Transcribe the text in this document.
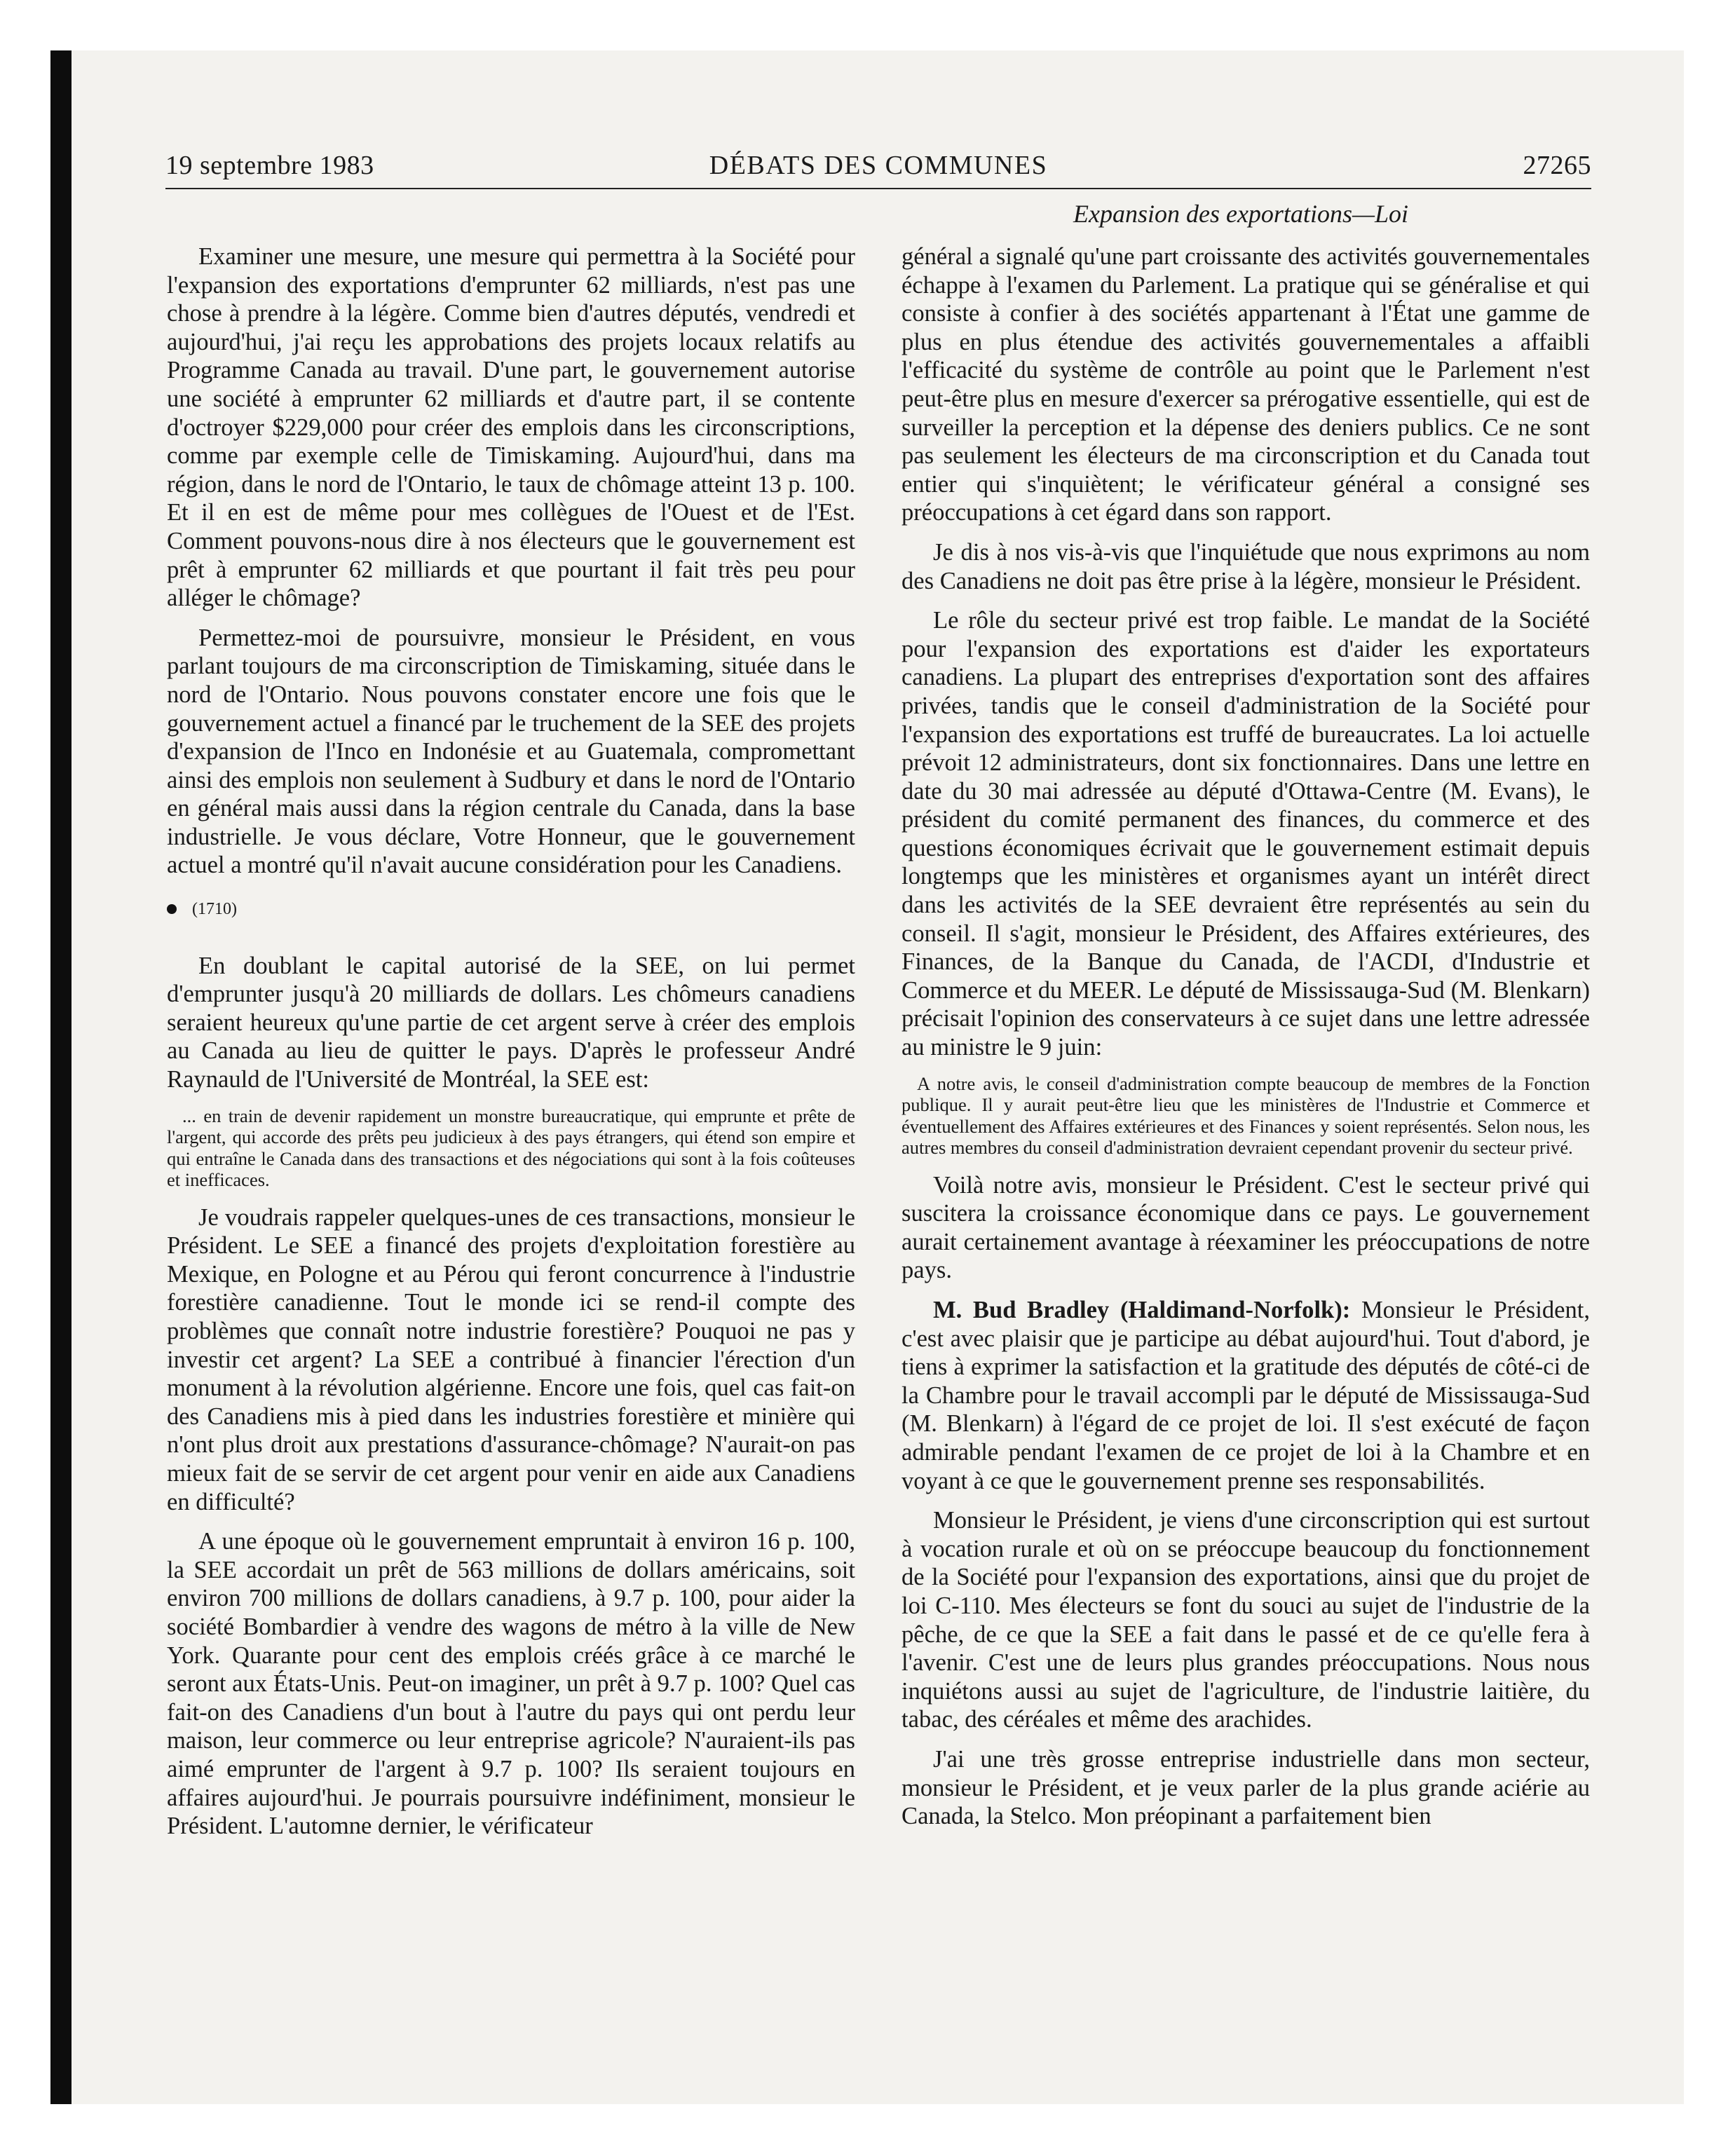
19 septembre 1983	DÉBATS DES COMMUNES	27265
Expansion des exportations—Loi

Examiner une mesure, une mesure qui permettra à la Société pour l'expansion des exportations d'emprunter 62 milliards, n'est pas une chose à prendre à la légère. Comme bien d'autres députés, vendredi et aujourd'hui, j'ai reçu les approbations des projets locaux relatifs au Programme Canada au travail. D'une part, le gouvernement autorise une société à emprunter 62 milliards et d'autre part, il se contente d'octroyer $229,000 pour créer des emplois dans les circonscriptions, comme par exemple celle de Timiskaming. Aujourd'hui, dans ma région, dans le nord de l'Ontario, le taux de chômage atteint 13 p. 100. Et il en est de même pour mes collègues de l'Ouest et de l'Est. Comment pouvons-nous dire à nos électeurs que le gouvernement est prêt à emprunter 62 milliards et que pourtant il fait très peu pour alléger le chômage?

Permettez-moi de poursuivre, monsieur le Président, en vous parlant toujours de ma circonscription de Timiskaming, située dans le nord de l'Ontario. Nous pouvons constater encore une fois que le gouvernement actuel a financé par le truchement de la SEE des projets d'expansion de l'Inco en Indonésie et au Guatemala, compromettant ainsi des emplois non seulement à Sudbury et dans le nord de l'Ontario en général mais aussi dans la région centrale du Canada, dans la base industrielle. Je vous déclare, Votre Honneur, que le gouvernement actuel a montré qu'il n'avait aucune considération pour les Canadiens.

(1710)

En doublant le capital autorisé de la SEE, on lui permet d'emprunter jusqu'à 20 milliards de dollars. Les chômeurs canadiens seraient heureux qu'une partie de cet argent serve à créer des emplois au Canada au lieu de quitter le pays. D'après le professeur André Raynauld de l'Université de Montréal, la SEE est:

... en train de devenir rapidement un monstre bureaucratique, qui emprunte et prête de l'argent, qui accorde des prêts peu judicieux à des pays étrangers, qui étend son empire et qui entraîne le Canada dans des transactions et des négociations qui sont à la fois coûteuses et inefficaces.

Je voudrais rappeler quelques-unes de ces transactions, monsieur le Président. Le SEE a financé des projets d'exploitation forestière au Mexique, en Pologne et au Pérou qui feront concurrence à l'industrie forestière canadienne. Tout le monde ici se rend-il compte des problèmes que connaît notre industrie forestière? Pouquoi ne pas y investir cet argent? La SEE a contribué à financier l'érection d'un monument à la révolution algérienne. Encore une fois, quel cas fait-on des Canadiens mis à pied dans les industries forestière et minière qui n'ont plus droit aux prestations d'assurance-chômage? N'aurait-on pas mieux fait de se servir de cet argent pour venir en aide aux Canadiens en difficulté?

A une époque où le gouvernement empruntait à environ 16 p. 100, la SEE accordait un prêt de 563 millions de dollars américains, soit environ 700 millions de dollars canadiens, à 9.7 p. 100, pour aider la société Bombardier à vendre des wagons de métro à la ville de New York. Quarante pour cent des emplois créés grâce à ce marché le seront aux États-Unis. Peut-on imaginer, un prêt à 9.7 p. 100? Quel cas fait-on des Canadiens d'un bout à l'autre du pays qui ont perdu leur maison, leur commerce ou leur entreprise agricole? N'auraient-ils pas aimé emprunter de l'argent à 9.7 p. 100? Ils seraient toujours en affaires aujourd'hui. Je pourrais poursuivre indéfiniment, monsieur le Président. L'automne dernier, le vérificateur

général a signalé qu'une part croissante des activités gouvernementales échappe à l'examen du Parlement. La pratique qui se généralise et qui consiste à confier à des sociétés appartenant à l'État une gamme de plus en plus étendue des activités gouvernementales a affaibli l'efficacité du système de contrôle au point que le Parlement n'est peut-être plus en mesure d'exercer sa prérogative essentielle, qui est de surveiller la perception et la dépense des deniers publics. Ce ne sont pas seulement les électeurs de ma circonscription et du Canada tout entier qui s'inquiètent; le vérificateur général a consigné ses préoccupations à cet égard dans son rapport.

Je dis à nos vis-à-vis que l'inquiétude que nous exprimons au nom des Canadiens ne doit pas être prise à la légère, monsieur le Président.

Le rôle du secteur privé est trop faible. Le mandat de la Société pour l'expansion des exportations est d'aider les exportateurs canadiens. La plupart des entreprises d'exportation sont des affaires privées, tandis que le conseil d'administration de la Société pour l'expansion des exportations est truffé de bureaucrates. La loi actuelle prévoit 12 administrateurs, dont six fonctionnaires. Dans une lettre en date du 30 mai adressée au député d'Ottawa-Centre (M. Evans), le président du comité permanent des finances, du commerce et des questions économiques écrivait que le gouvernement estimait depuis longtemps que les ministères et organismes ayant un intérêt direct dans les activités de la SEE devraient être représentés au sein du conseil. Il s'agit, monsieur le Président, des Affaires extérieures, des Finances, de la Banque du Canada, de l'ACDI, d'Industrie et Commerce et du MEER. Le député de Mississauga-Sud (M. Blenkarn) précisait l'opinion des conservateurs à ce sujet dans une lettre adressée au ministre le 9 juin:

A notre avis, le conseil d'administration compte beaucoup de membres de la Fonction publique. Il y aurait peut-être lieu que les ministères de l'Industrie et Commerce et éventuellement des Affaires extérieures et des Finances y soient représentés. Selon nous, les autres membres du conseil d'administration devraient cependant provenir du secteur privé.

Voilà notre avis, monsieur le Président. C'est le secteur privé qui suscitera la croissance économique dans ce pays. Le gouvernement aurait certainement avantage à réexaminer les préoccupations de notre pays.

M. Bud Bradley (Haldimand-Norfolk): Monsieur le Président, c'est avec plaisir que je participe au débat aujourd'hui. Tout d'abord, je tiens à exprimer la satisfaction et la gratitude des députés de côté-ci de la Chambre pour le travail accompli par le député de Mississauga-Sud (M. Blenkarn) à l'égard de ce projet de loi. Il s'est exécuté de façon admirable pendant l'examen de ce projet de loi à la Chambre et en voyant à ce que le gouvernement prenne ses responsabilités.

Monsieur le Président, je viens d'une circonscription qui est surtout à vocation rurale et où on se préoccupe beaucoup du fonctionnement de la Société pour l'expansion des exportations, ainsi que du projet de loi C-110. Mes électeurs se font du souci au sujet de l'industrie de la pêche, de ce que la SEE a fait dans le passé et de ce qu'elle fera à l'avenir. C'est une de leurs plus grandes préoccupations. Nous nous inquiétons aussi au sujet de l'agriculture, de l'industrie laitière, du tabac, des céréales et même des arachides.

J'ai une très grosse entreprise industrielle dans mon secteur, monsieur le Président, et je veux parler de la plus grande aciérie au Canada, la Stelco. Mon préopinant a parfaitement bien
